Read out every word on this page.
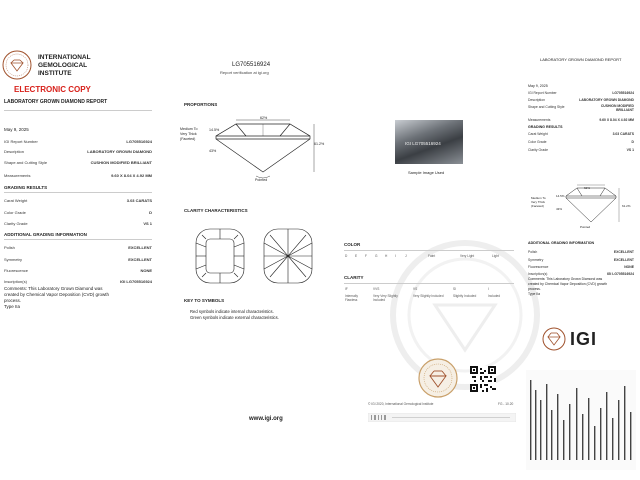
INTERNATIONAL
GEMOLOGICAL
INSTITUTE
ELECTRONIC COPY
LABORATORY GROWN DIAMOND REPORT
May 9, 2025
IGI Report Number	LG705516924
Description	LABORATORY GROWN DIAMOND
Shape and Cutting Style	CUSHION MODIFIED BRILLIANT
Measurements	9.60 X 8.04 X 4.92 MM
GRADING RESULTS
Carat Weight	3.03 CARATS
Color Grade	D
Clarity Grade	VS 1
ADDITIONAL GRADING INFORMATION
Polish	EXCELLENT
Symmetry	EXCELLENT
Fluorescence	NONE
Inscription(s)	IGI LG705516924
Comments: This Laboratory Grown Diamond was
created by Chemical Vapor Deposition (CVD) growth
process.
Type IIa
LG705516924
Report verification at igi.org
PROPORTIONS
62%
14.5%
43%
61.2%
Medium To
Very Thick
(Faceted)
Pointed
CLARITY CHARACTERISTICS
KEY TO SYMBOLS
Red symbols indicate internal characteristics.
Green symbols indicate external characteristics.
www.igi.org
IGI LG705516924
Sample Image Used
COLOR
D E F	G H I	J	Faint	Very Light	Light
CLARITY
IF	VVS	VS	SI	I
Internally Flawless
Very Very Slightly Included
Very Slightly Included	Slightly Included	Included
© IGI 2020, International Gemological Institute	FG - 10.20
LABORATORY GROWN DIAMOND REPORT
May 9, 2025
IGI Report Number	LG705516924
Description	LABORATORY GROWN DIAMOND
Shape and Cutting Style	CUSHION MODIFIED BRILLIANT
Measurements	9.60 X 8.04 X 4.92 MM
GRADING RESULTS
Carat Weight	3.03 CARATS
Color Grade	D
Clarity Grade	VS 1
62%
14.5%
43%
61.2%
Medium To
Very Thick
(Faceted)
Pointed
ADDITIONAL GRADING INFORMATION
Polish	EXCELLENT
Symmetry	EXCELLENT
Fluorescence	NONE
Inscription(s)	IGI LG705516924
Comments: This Laboratory Grown Diamond was
created by Chemical Vapor Deposition (CVD) growth
process.
Type IIa
IGI
